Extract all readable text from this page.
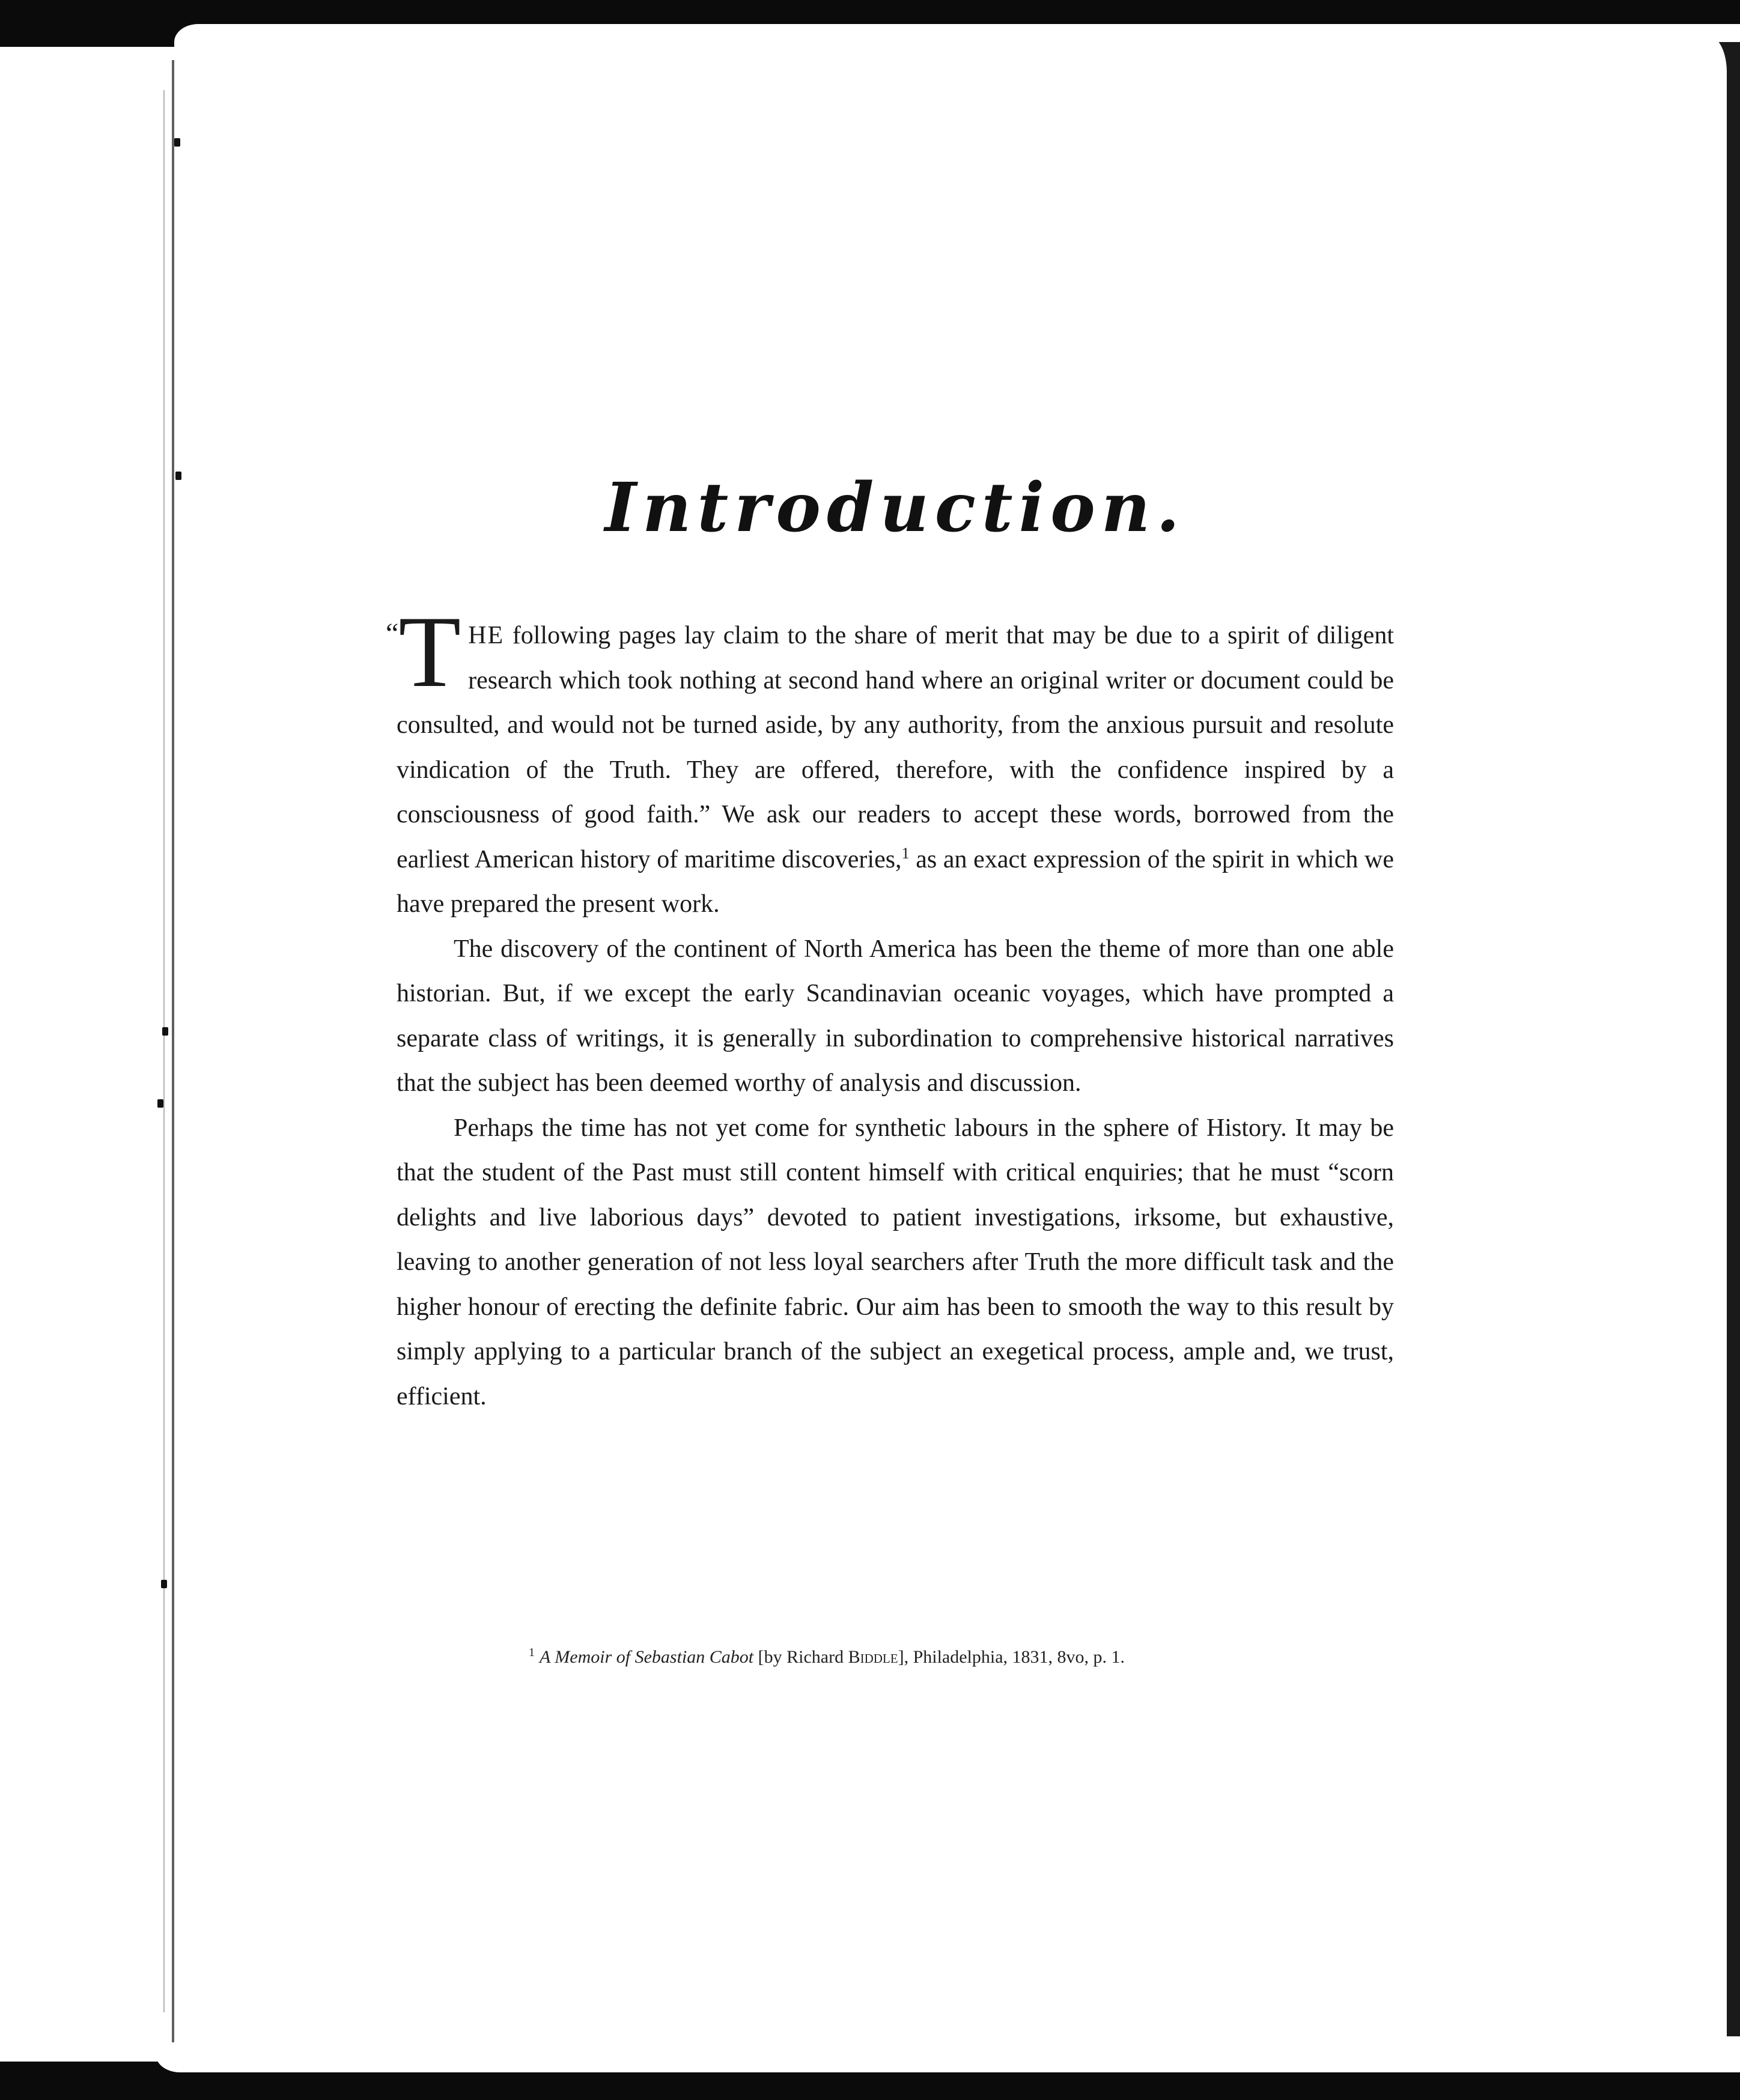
Introduction.

“T HE following pages lay claim to the share of merit that may be due to a spirit of diligent research which took nothing at second hand where an original writer or document could be consulted, and would not be turned aside, by any authority, from the anxious pursuit and resolute vindication of the Truth. They are offered, therefore, with the confidence inspired by a consciousness of good faith.” We ask our readers to accept these words, borrowed from the earliest American history of maritime discoveries,$^1$ as an exact expression of the spirit in which we have prepared the present work.

The discovery of the continent of North America has been the theme of more than one able historian. But, if we except the early Scandinavian oceanic voyages, which have prompted a separate class of writings, it is generally in subordination to comprehensive historical narratives that the subject has been deemed worthy of analysis and discussion.

Perhaps the time has not yet come for synthetic labours in the sphere of History. It may be that the student of the Past must still content himself with critical enquiries; that he must “scorn delights and live laborious days” devoted to patient investigations, irksome, but exhaustive, leaving to another generation of not less loyal searchers after Truth the more difficult task and the higher honour of erecting the definite fabric. Our aim has been to smooth the way to this result by simply applying to a particular branch of the subject an exegetical process, ample and, we trust, efficient.

$^1$ A Memoir of Sebastian Cabot [by Richard Biddle], Philadelphia, 1831, 8vo, p. 1.
